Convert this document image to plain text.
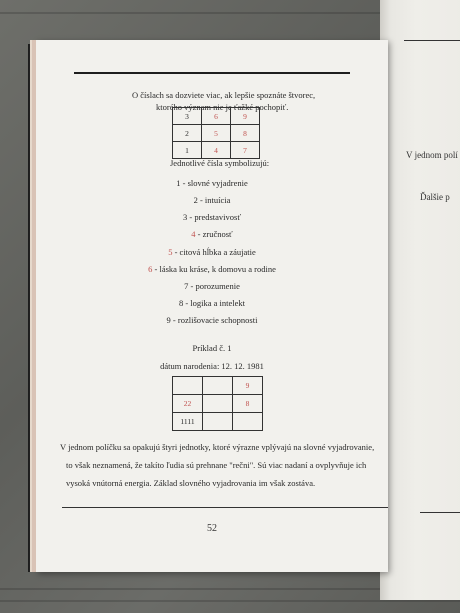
V jednom polí
Ďalšie p
O číslach sa dozviete viac, ak lepšie spoznáte štvorec,
ktorého význam nie je ťažké pochopiť.
3	6	9
2	5	8
1	4	7
Jednotlivé čísla symbolizujú:
1 - slovné vyjadrenie
2 - intuícia
3 - predstavivosť
4 - zručnosť
5 - citová hĺbka a záujatie
6 - láska ku kráse, k domovu a rodine
7 - porozumenie
8 - logika a intelekt
9 - rozlišovacie schopnosti
Príklad č. 1
dátum narodenia: 12. 12. 1981
		9
22		8
1111		
V jednom políčku sa opakujú štyri jednotky, ktoré výrazne vplývajú na slovné vyjadrovanie,
to však neznamená, že takíto ľudia sú prehnane "rečni". Sú viac nadaní a ovplyvňuje ich
vysoká vnútorná energia. Základ slovného vyjadrovania im však zostáva.
52
